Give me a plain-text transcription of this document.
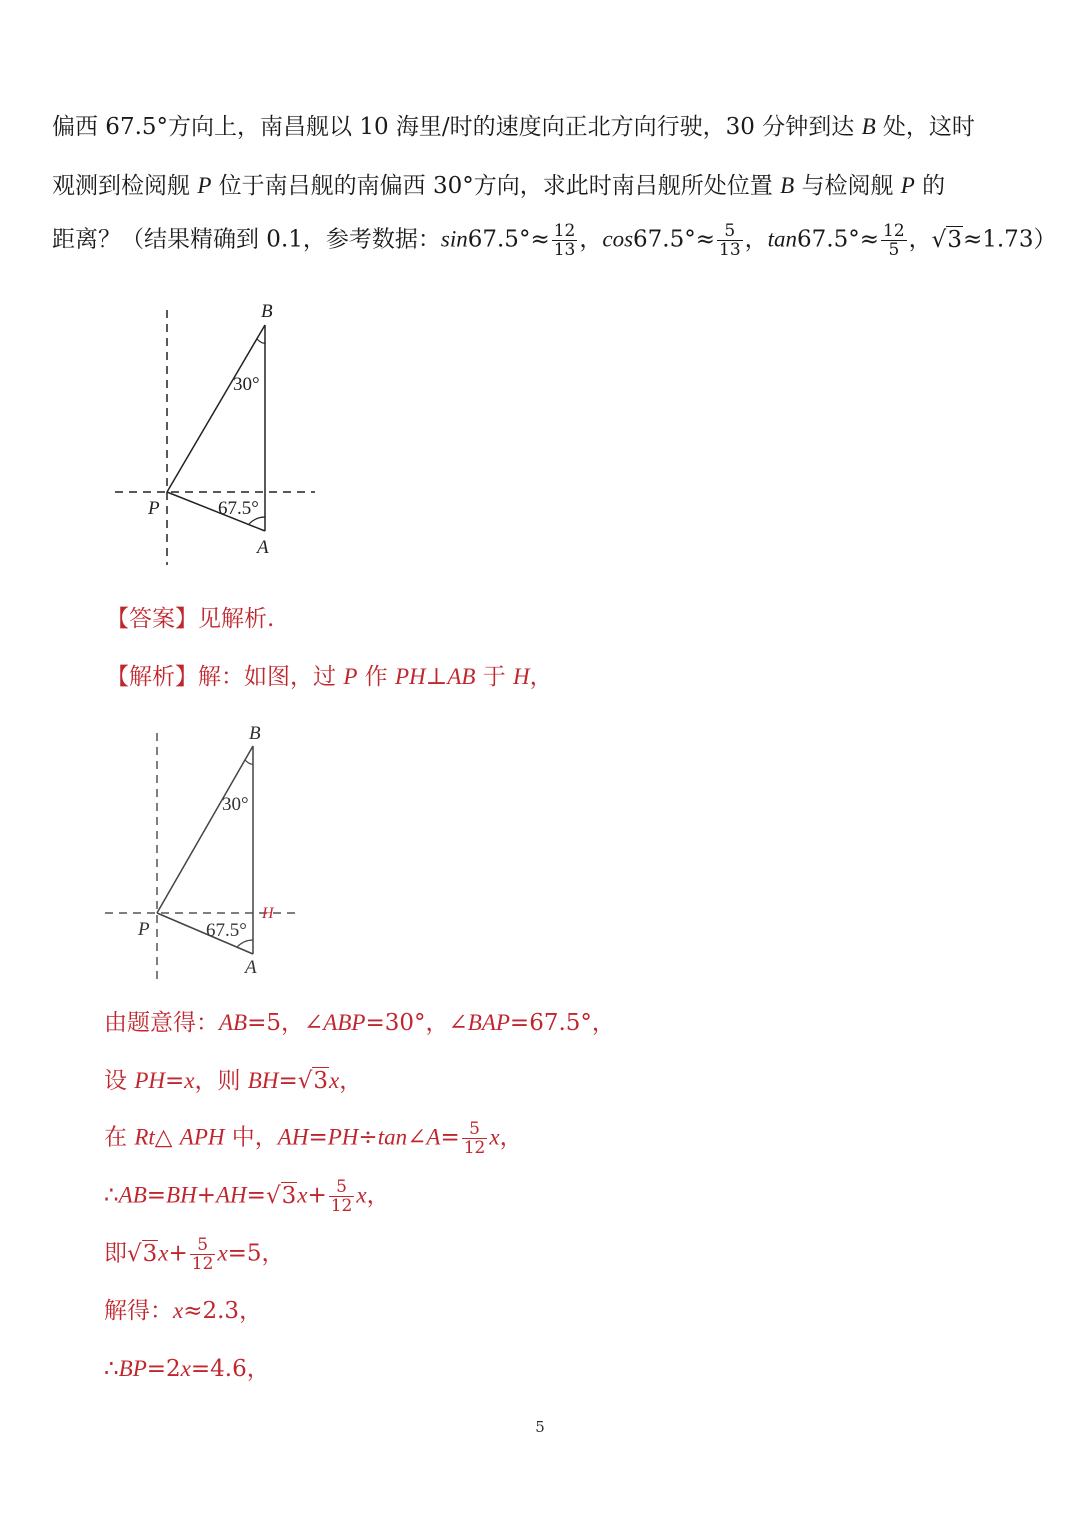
偏西 67.5°方向上，南昌舰以 10 海里/时的速度向正北方向行驶，30 分钟到达 B 处，这时
观测到检阅舰 P 位于南吕舰的南偏西 30°方向，求此时南吕舰所处位置 B 与检阅舰 P 的
距离？（结果精确到 0.1，参考数据：$\sin 67.5^\circ\approx \frac{12}{13}$ ，$\cos 67.5^\circ\approx \frac{5}{13}$ ，$\tan 67.5^\circ\approx \frac{12}{5}$ ，√3≈1.73）
B
P
A
30°
67.5°
【答案】见解析.
【解析】解：如图，过 P 作 PH⊥AB 于 H，
B
P
A
H
30°
67.5°
由题意得：AB=5，∠ABP=30°，∠BAP=67.5°，
设 PH=x，则 BH=√3x，
在 Rt△ APH 中，AH=PH÷tan∠A= $\frac{5}{12}$ x，
∴AB=BH+AH=√3x+ $\frac{5}{12}$ x，
即$√3x+ \frac{5}{12} x=5$，
解得：x≈2.3，
∴BP=2x=4.6，
5
